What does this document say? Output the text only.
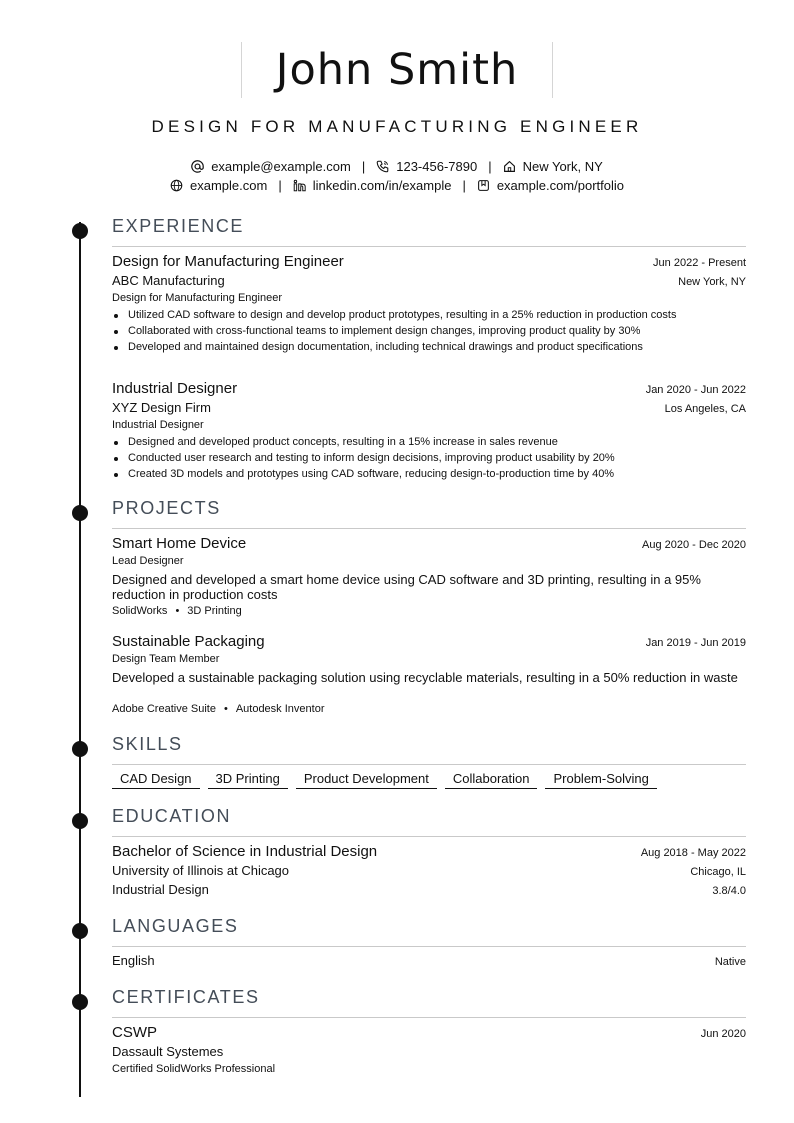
John Smith
DESIGN FOR MANUFACTURING ENGINEER
example@example.com | 123-456-7890 | New York, NY
example.com | linkedin.com/in/example | example.com/portfolio
EXPERIENCE
Design for Manufacturing Engineer	Jun 2022 - Present
ABC Manufacturing	New York, NY
Design for Manufacturing Engineer
Utilized CAD software to design and develop product prototypes, resulting in a 25% reduction in production costs
Collaborated with cross-functional teams to implement design changes, improving product quality by 30%
Developed and maintained design documentation, including technical drawings and product specifications
Industrial Designer	Jan 2020 - Jun 2022
XYZ Design Firm	Los Angeles, CA
Industrial Designer
Designed and developed product concepts, resulting in a 15% increase in sales revenue
Conducted user research and testing to inform design decisions, improving product usability by 20%
Created 3D models and prototypes using CAD software, reducing design-to-production time by 40%
PROJECTS
Smart Home Device	Aug 2020 - Dec 2020
Lead Designer
Designed and developed a smart home device using CAD software and 3D printing, resulting in a 95% reduction in production costs
SolidWorks • 3D Printing
Sustainable Packaging	Jan 2019 - Jun 2019
Design Team Member
Developed a sustainable packaging solution using recyclable materials, resulting in a 50% reduction in waste
Adobe Creative Suite • Autodesk Inventor
SKILLS
CAD Design	3D Printing	Product Development	Collaboration	Problem-Solving
EDUCATION
Bachelor of Science in Industrial Design	Aug 2018 - May 2022
University of Illinois at Chicago	Chicago, IL
Industrial Design	3.8/4.0
LANGUAGES
English	Native
CERTIFICATES
CSWP	Jun 2020
Dassault Systemes
Certified SolidWorks Professional
